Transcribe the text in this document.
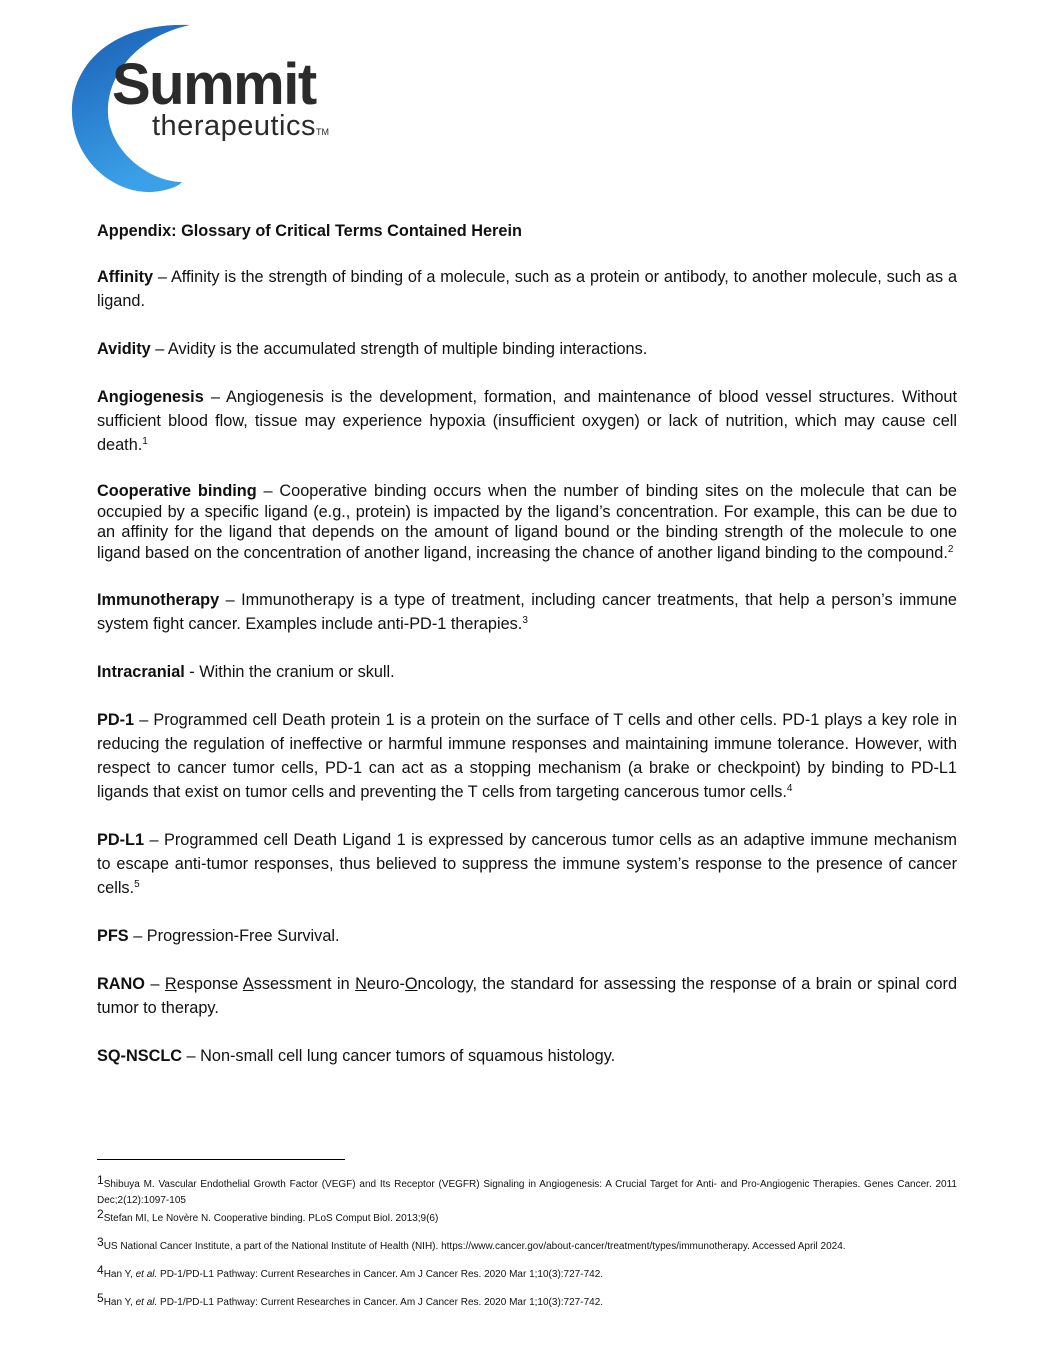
Summit
therapeuticsTM
Appendix: Glossary of Critical Terms Contained Herein

Affinity – Affinity is the strength of binding of a molecule, such as a protein or antibody, to another molecule, such as a ligand.

Avidity – Avidity is the accumulated strength of multiple binding interactions.

Angiogenesis – Angiogenesis is the development, formation, and maintenance of blood vessel structures. Without sufficient blood flow, tissue may experience hypoxia (insufficient oxygen) or lack of nutrition, which may cause cell death.$^1$

Cooperative binding – Cooperative binding occurs when the number of binding sites on the molecule that can be occupied by a specific ligand (e.g., protein) is impacted by the ligand’s concentration. For example, this can be due to an affinity for the ligand that depends on the amount of ligand bound or the binding strength of the molecule to one ligand based on the concentration of another ligand, increasing the chance of another ligand binding to the compound.$^2$

Immunotherapy – Immunotherapy is a type of treatment, including cancer treatments, that help a person’s immune system fight cancer. Examples include anti-PD-1 therapies.$^3$

Intracranial - Within the cranium or skull.

PD-1 – Programmed cell Death protein 1 is a protein on the surface of T cells and other cells. PD-1 plays a key role in reducing the regulation of ineffective or harmful immune responses and maintaining immune tolerance. However, with respect to cancer tumor cells, PD-1 can act as a stopping mechanism (a brake or checkpoint) by binding to PD-L1 ligands that exist on tumor cells and preventing the T cells from targeting cancerous tumor cells.$^4$

PD-L1 – Programmed cell Death Ligand 1 is expressed by cancerous tumor cells as an adaptive immune mechanism to escape anti-tumor responses, thus believed to suppress the immune system’s response to the presence of cancer cells.$^5$

PFS – Progression-Free Survival.

RANO – Response Assessment in Neuro-Oncology, the standard for assessing the response of a brain or spinal cord tumor to therapy.

SQ-NSCLC – Non-small cell lung cancer tumors of squamous histology.

1Shibuya M. Vascular Endothelial Growth Factor (VEGF) and Its Receptor (VEGFR) Signaling in Angiogenesis: A Crucial Target for Anti- and Pro-Angiogenic Therapies. Genes Cancer. 2011 Dec;2(12):1097-105

2Stefan MI, Le Novère N. Cooperative binding. PLoS Comput Biol. 2013;9(6)

3US National Cancer Institute, a part of the National Institute of Health (NIH). https://www.cancer.gov/about-cancer/treatment/types/immunotherapy. Accessed April 2024.

4Han Y, et al. PD-1/PD-L1 Pathway: Current Researches in Cancer. Am J Cancer Res. 2020 Mar 1;10(3):727-742.

5Han Y, et al. PD-1/PD-L1 Pathway: Current Researches in Cancer. Am J Cancer Res. 2020 Mar 1;10(3):727-742.
